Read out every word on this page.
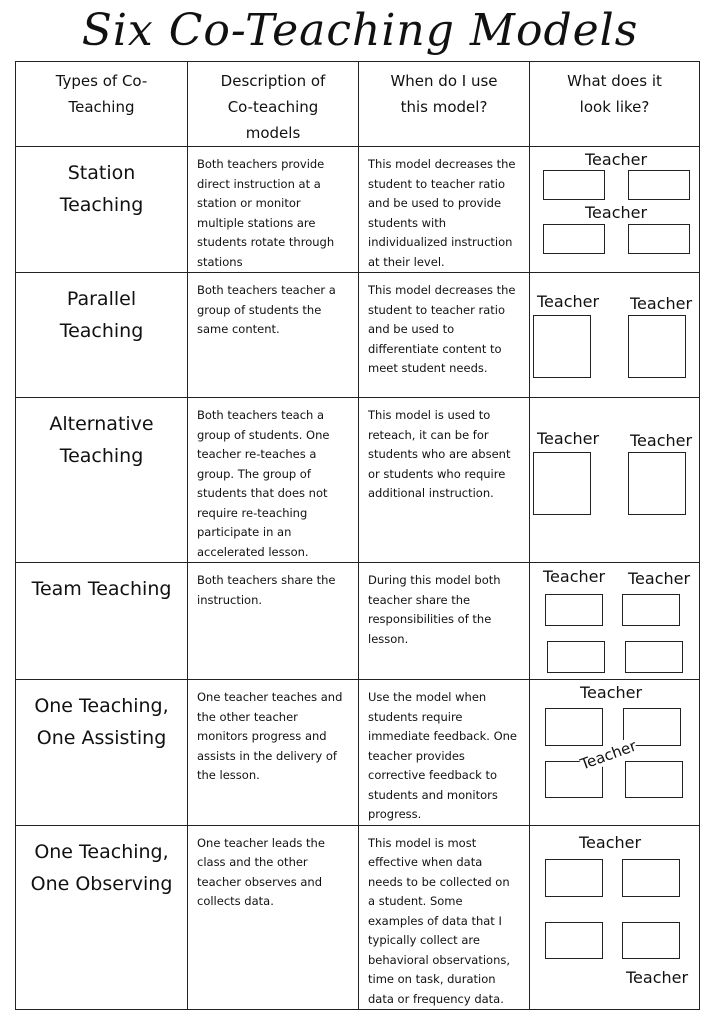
Six Co-Teaching Models
Types of Co-Teaching	Description of Co-teaching models	When do I use this model?	What does it look like?
Station Teaching	Both teachers provide direct instruction at a station or monitor multiple stations are students rotate through stations	This model decreases the student to teacher ratio and be used to provide students with individualized instruction at their level.	Teacher
Teacher

Parallel Teaching	Both teachers teacher a group of students the same content.	This model decreases the student to teacher ratio and be used to differentiate content to meet student needs.	Teacher Teacher

Alternative Teaching	Both teachers teach a group of students. One teacher re-teaches a group. The group of students that does not require re-teaching participate in an accelerated lesson.	This model is used to reteach, it can be for students who are absent or students who require additional instruction.	Teacher Teacher

Team Teaching	Both teachers share the instruction.	During this model both teacher share the responsibilities of the lesson.	Teacher Teacher

One Teaching, One Assisting	One teacher teaches and the other teacher monitors progress and assists in the delivery of the lesson.	Use the model when students require immediate feedback. One teacher provides corrective feedback to students and monitors progress.	Teacher
Teacher

One Teaching, One Observing	One teacher leads the class and the other teacher observes and collects data.	This model is most effective when data needs to be collected on a student. Some examples of data that I typically collect are behavioral observations, time on task, duration data or frequency data.	Teacher
Teacher
